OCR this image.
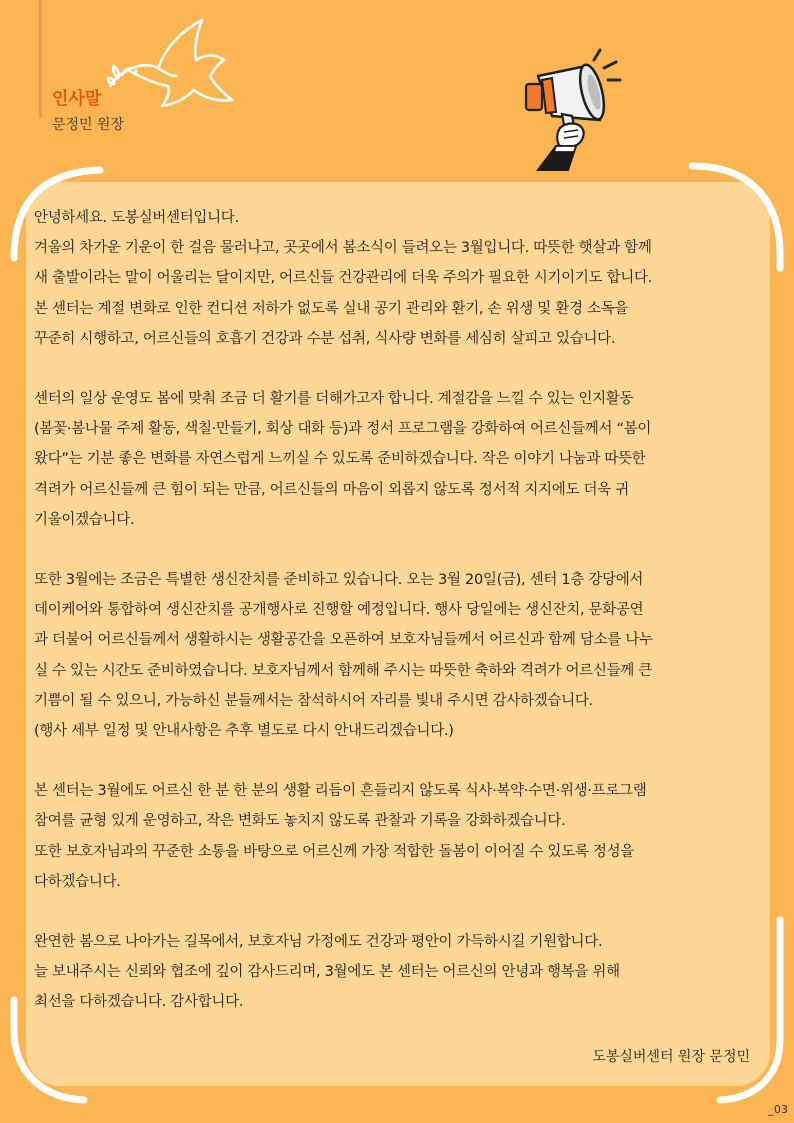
인사말

문정민 원장

안녕하세요. 도봉실버센터입니다.
겨울의 차가운 기운이 한 걸음 물러나고, 곳곳에서 봄소식이 들려오는 3월입니다. 따뜻한 햇살과 함께
새 출발이라는 말이 어울리는 달이지만, 어르신들 건강관리에 더욱 주의가 필요한 시기이기도 합니다.
본 센터는 계절 변화로 인한 컨디션 저하가 없도록 실내 공기 관리와 환기, 손 위생 및 환경 소독을
꾸준히 시행하고, 어르신들의 호흡기 건강과 수분 섭취, 식사량 변화를 세심히 살피고 있습니다.

센터의 일상 운영도 봄에 맞춰 조금 더 활기를 더해가고자 합니다. 계절감을 느낄 수 있는 인지활동
(봄꽃·봄나물 주제 활동, 색칠·만들기, 회상 대화 등)과 정서 프로그램을 강화하여 어르신들께서 “봄이
왔다”는 기분 좋은 변화를 자연스럽게 느끼실 수 있도록 준비하겠습니다. 작은 이야기 나눔과 따뜻한
격려가 어르신들께 큰 힘이 되는 만큼, 어르신들의 마음이 외롭지 않도록 정서적 지지에도 더욱 귀
기울이겠습니다.

또한 3월에는 조금은 특별한 생신잔치를 준비하고 있습니다. 오는 3월 20일(금), 센터 1층 강당에서
데이케어와 통합하여 생신잔치를 공개행사로 진행할 예정입니다. 행사 당일에는 생신잔치, 문화공연
과 더불어 어르신들께서 생활하시는 생활공간을 오픈하여 보호자님들께서 어르신과 함께 담소를 나누
실 수 있는 시간도 준비하였습니다. 보호자님께서 함께해 주시는 따뜻한 축하와 격려가 어르신들께 큰
기쁨이 될 수 있으니, 가능하신 분들께서는 참석하시어 자리를 빛내 주시면 감사하겠습니다.
(행사 세부 일정 및 안내사항은 추후 별도로 다시 안내드리겠습니다.)

본 센터는 3월에도 어르신 한 분 한 분의 생활 리듬이 흔들리지 않도록 식사·복약·수면·위생·프로그램
참여를 균형 있게 운영하고, 작은 변화도 놓치지 않도록 관찰과 기록을 강화하겠습니다.
또한 보호자님과의 꾸준한 소통을 바탕으로 어르신께 가장 적합한 돌봄이 이어질 수 있도록 정성을
다하겠습니다.

완연한 봄으로 나아가는 길목에서, 보호자님 가정에도 건강과 평안이 가득하시길 기원합니다.
늘 보내주시는 신뢰와 협조에 깊이 감사드리며, 3월에도 본 센터는 어르신의 안녕과 행복을 위해
최선을 다하겠습니다. 감사합니다.

도봉실버센터 원장 문정민

_03
